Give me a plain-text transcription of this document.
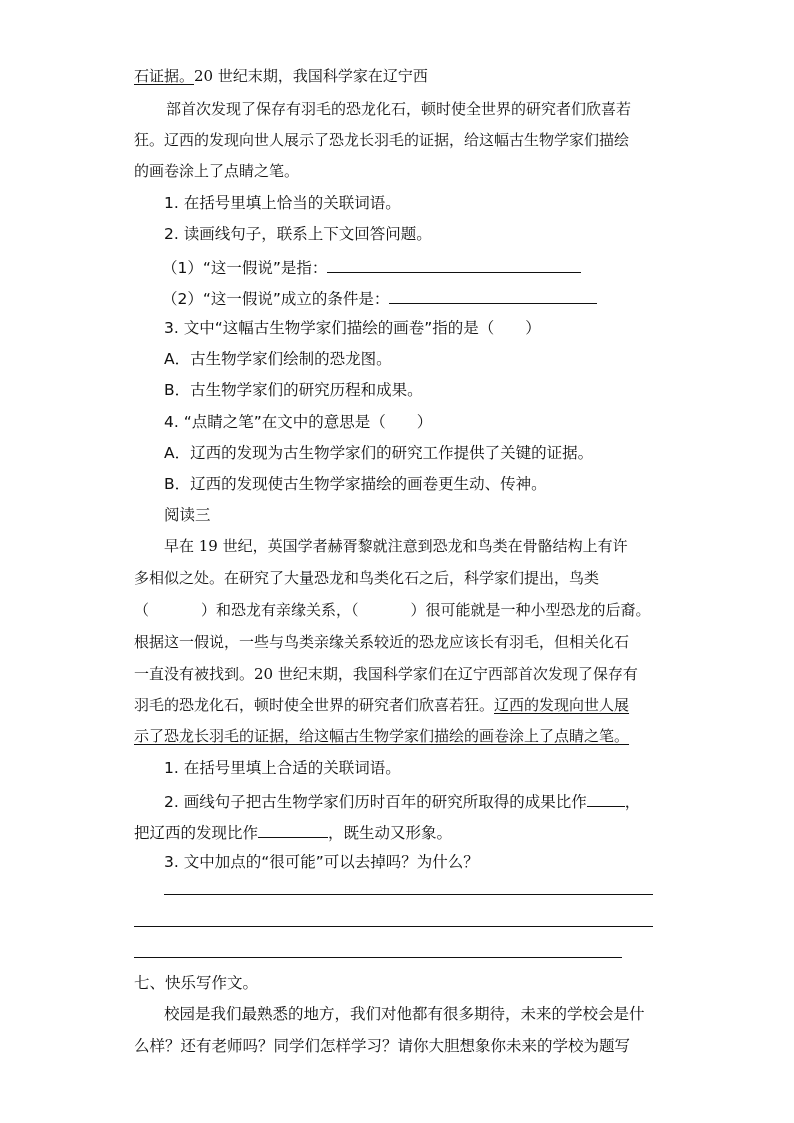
石证据。20 世纪末期，我国科学家在辽宁西
部首次发现了保存有羽毛的恐龙化石，顿时使全世界的研究者们欣喜若
狂。辽西的发现向世人展示了恐龙长羽毛的证据，给这幅古生物学家们描绘
的画卷涂上了点睛之笔。
1. 在括号里填上恰当的关联词语。
2. 读画线句子，联系上下文回答问题。
（1）“这一假说”是指：
（2）“这一假说”成立的条件是：
3. 文中“这幅古生物学家们描绘的画卷”指的是（　　）
A．古生物学家们绘制的恐龙图。
B．古生物学家们的研究历程和成果。
4. “点睛之笔”在文中的意思是（　　）
A．辽西的发现为古生物学家们的研究工作提供了关键的证据。
B．辽西的发现使古生物学家描绘的画卷更生动、传神。
阅读三
早在 19 世纪，英国学者赫胥黎就注意到恐龙和鸟类在骨骼结构上有许
多相似之处。在研究了大量恐龙和鸟类化石之后，科学家们提出，鸟类
（	）和恐龙有亲缘关系，（	）很可能就是一种小型恐龙的后裔。
根据这一假说，一些与鸟类亲缘关系较近的恐龙应该长有羽毛，但相关化石
一直没有被找到。20 世纪末期，我国科学家们在辽宁西部首次发现了保存有
羽毛的恐龙化石，顿时使全世界的研究者们欣喜若狂。辽西的发现向世人展
示了恐龙长羽毛的证据，给这幅古生物学家们描绘的画卷涂上了点睛之笔。
1. 在括号里填上合适的关联词语。
2. 画线句子把古生物学家们历时百年的研究所取得的成果比作 ，
把辽西的发现比作	，既生动又形象。
3. 文中加点的“很可能”可以去掉吗？为什么？
七、快乐写作文。
校园是我们最熟悉的地方，我们对他都有很多期待，未来的学校会是什
么样？还有老师吗？同学们怎样学习？请你大胆想象你未来的学校为题写
